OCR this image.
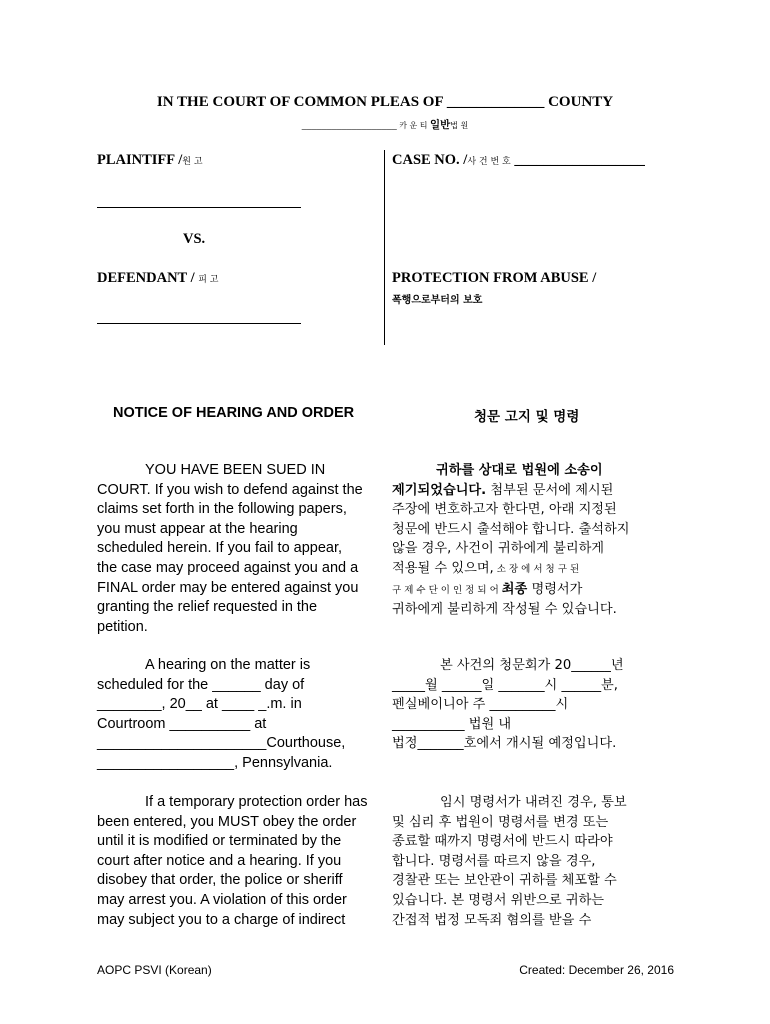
IN THE COURT OF COMMON PLEAS OF _____________ COUNTY
___________________ 카 운 티 일반법 원
PLAINTIFF /원 고
VS.
DEFENDANT / 피 고
CASE NO. /사 건 번 호 __________________
PROTECTION FROM ABUSE /
폭행으로부터의 보호
NOTICE OF HEARING AND ORDER	청문 고지 및 명령
YOU HAVE BEEN SUED IN
COURT. If you wish to defend against the
claims set forth in the following papers,
you must appear at the hearing
scheduled herein. If you fail to appear,
the case may proceed against you and a
FINAL order may be entered against you
granting the relief requested in the
petition.
귀하를 상대로 법원에 소송이
제기되었습니다. 첨부된 문서에 제시된
주장에 변호하고자 한다면, 아래 지정된
청문에 반드시 출석해야 합니다. 출석하지
않을 경우, 사건이 귀하에게 불리하게
적용될 수 있으며, 소 장 에 서 청 구 된
구 제 수 단 이 인 정 되 어 최종 명령서가
귀하에게 불리하게 작성될 수 있습니다.
A hearing on the matter is
scheduled for the ______ day of
________, 20__ at ____ _.m. in
Courtroom __________ at
_____________________Courthouse,
_________________, Pennsylvania.
본 사건의 청문회가 20______년
_____월 ______일 _______시 ______분,
펜실베이니아 주 __________시
___________ 법원 내
법정_______호에서 개시될 예정입니다.
If a temporary protection order has
been entered, you MUST obey the order
until it is modified or terminated by the
court after notice and a hearing. If you
disobey that order, the police or sheriff
may arrest you. A violation of this order
may subject you to a charge of indirect
임시 명령서가 내려진 경우, 통보
및 심리 후 법원이 명령서를 변경 또는
종료할 때까지 명령서에 반드시 따라야
합니다. 명령서를 따르지 않을 경우,
경찰관 또는 보안관이 귀하를 체포할 수
있습니다. 본 명령서 위반으로 귀하는
간접적 법정 모독죄 혐의를 받을 수
AOPC PSVI (Korean)	Created: December 26, 2016
